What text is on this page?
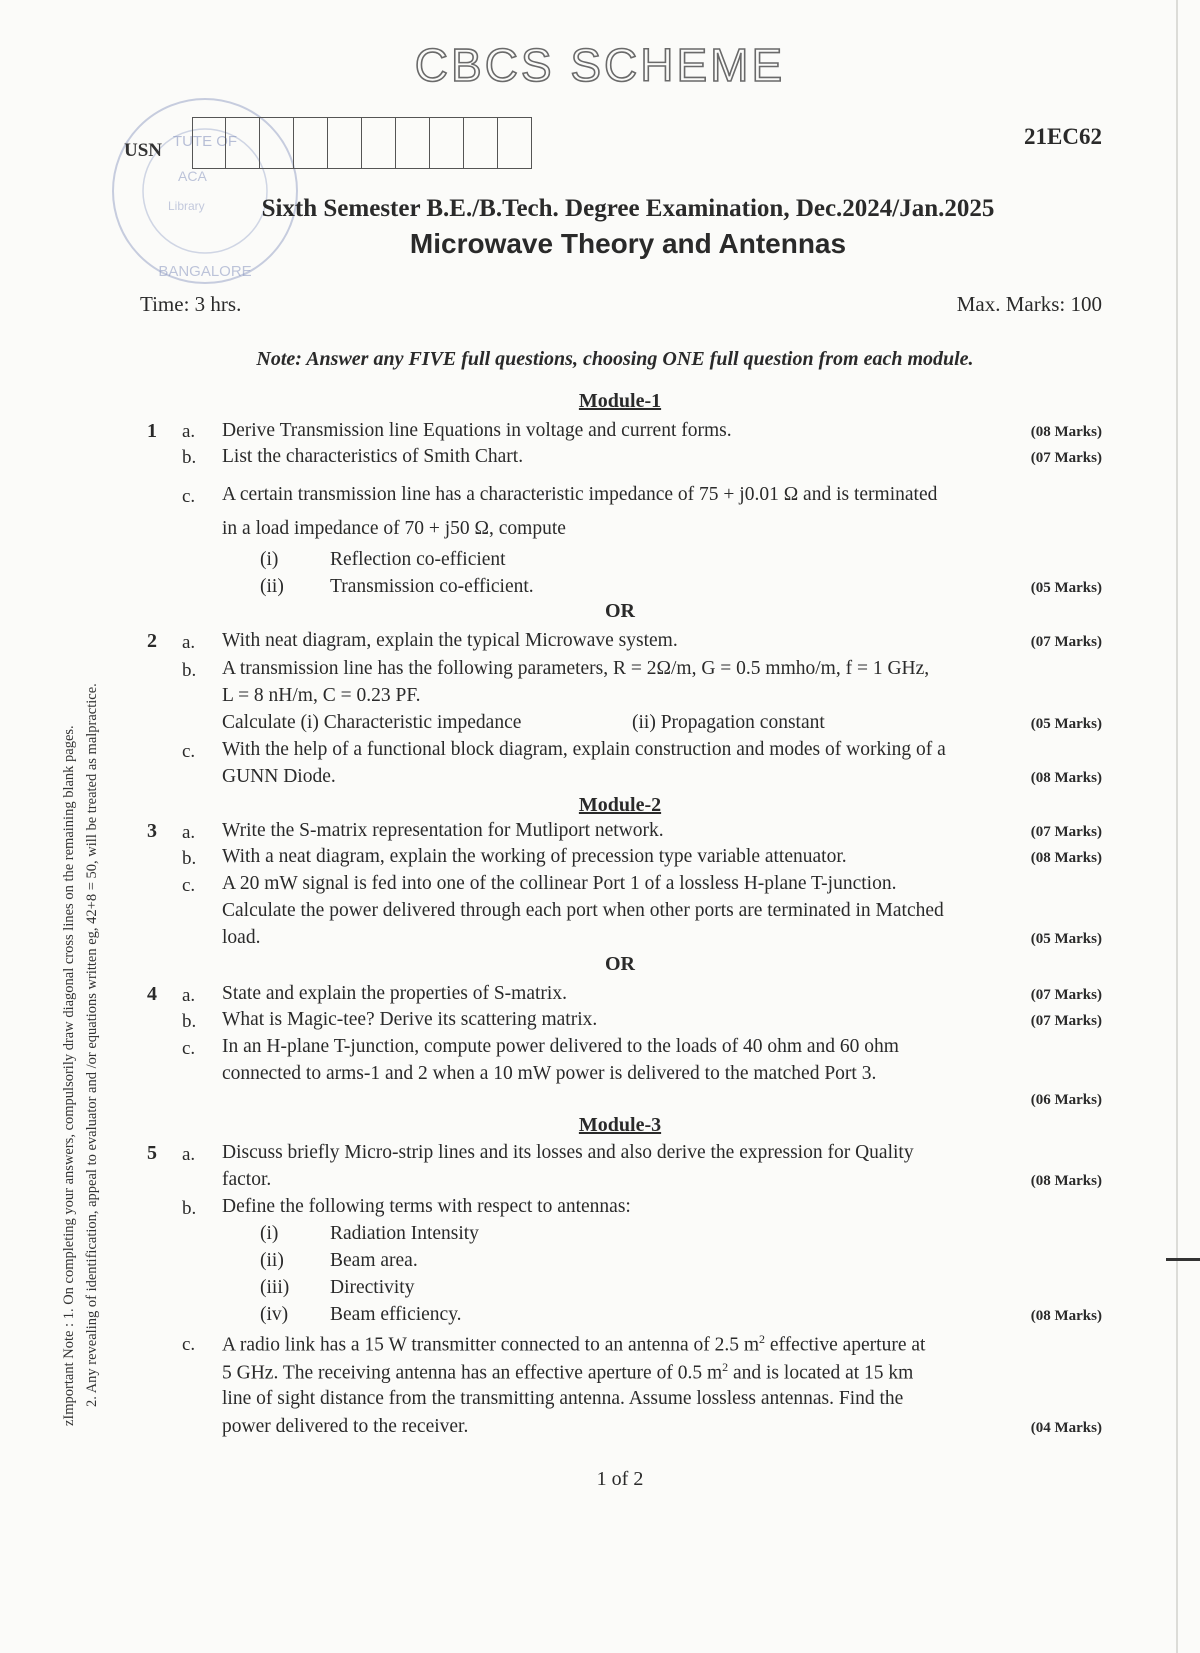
TUTE OF
ACA
Library
BANGALORE
CBCS SCHEME
USN
21EC62
Sixth Semester B.E./B.Tech. Degree Examination, Dec.2024/Jan.2025
Microwave Theory and Antennas
Time: 3 hrs.	Max. Marks: 100
Note: Answer any FIVE full questions, choosing ONE full question from each module.
zImportant Note : 1. On completing your answers, compulsorily draw diagonal cross lines on the remaining blank pages. 2. Any revealing of identification, appeal to evaluator and /or equations written eg, 42+8 = 50, will be treated as malpractice.
Module-1
1 a. Derive Transmission line Equations in voltage and current forms.	(08 Marks)
b. List the characteristics of Smith Chart.	(07 Marks)
c. A certain transmission line has a characteristic impedance of 75 + j0.01 Ω and is terminated
in a load impedance of 70 + j50 Ω, compute
(i)	Reflection co-efficient
(ii) Transmission co-efficient.	(05 Marks)
OR
2 a. With neat diagram, explain the typical Microwave system.	(07 Marks)
b. A transmission line has the following parameters, R = 2Ω/m, G = 0.5 mmho/m, f = 1 GHz,
L = 8 nH/m, C = 0.23 PF.
Calculate (i) Characteristic impedance	(ii) Propagation constant	(05 Marks)
c. With the help of a functional block diagram, explain construction and modes of working of a
GUNN Diode.	(08 Marks)
Module-2
3 a. Write the S-matrix representation for Mutliport network.	(07 Marks)
b. With a neat diagram, explain the working of precession type variable attenuator.	(08 Marks)
c. A 20 mW signal is fed into one of the collinear Port 1 of a lossless H-plane T-junction.
Calculate the power delivered through each port when other ports are terminated in Matched
load.	(05 Marks)
OR
4 a. State and explain the properties of S-matrix.	(07 Marks)
b. What is Magic-tee? Derive its scattering matrix.	(07 Marks)
c. In an H-plane T-junction, compute power delivered to the loads of 40 ohm and 60 ohm
connected to arms-1 and 2 when a 10 mW power is delivered to the matched Port 3.
(06 Marks)
Module-3
5 a. Discuss briefly Micro-strip lines and its losses and also derive the expression for Quality
factor.	(08 Marks)
b. Define the following terms with respect to antennas:
(i)	Radiation Intensity
(ii) Beam area.
(iii) Directivity
(iv) Beam efficiency.	(08 Marks)
c. A radio link has a 15 W transmitter connected to an antenna of 2.5 $m^2$ effective aperture at
5 GHz. The receiving antenna has an effective aperture of 0.5 $m^2$ and is located at 15 km
line of sight distance from the transmitting antenna. Assume lossless antennas. Find the
power delivered to the receiver.	(04 Marks)
1 of 2
